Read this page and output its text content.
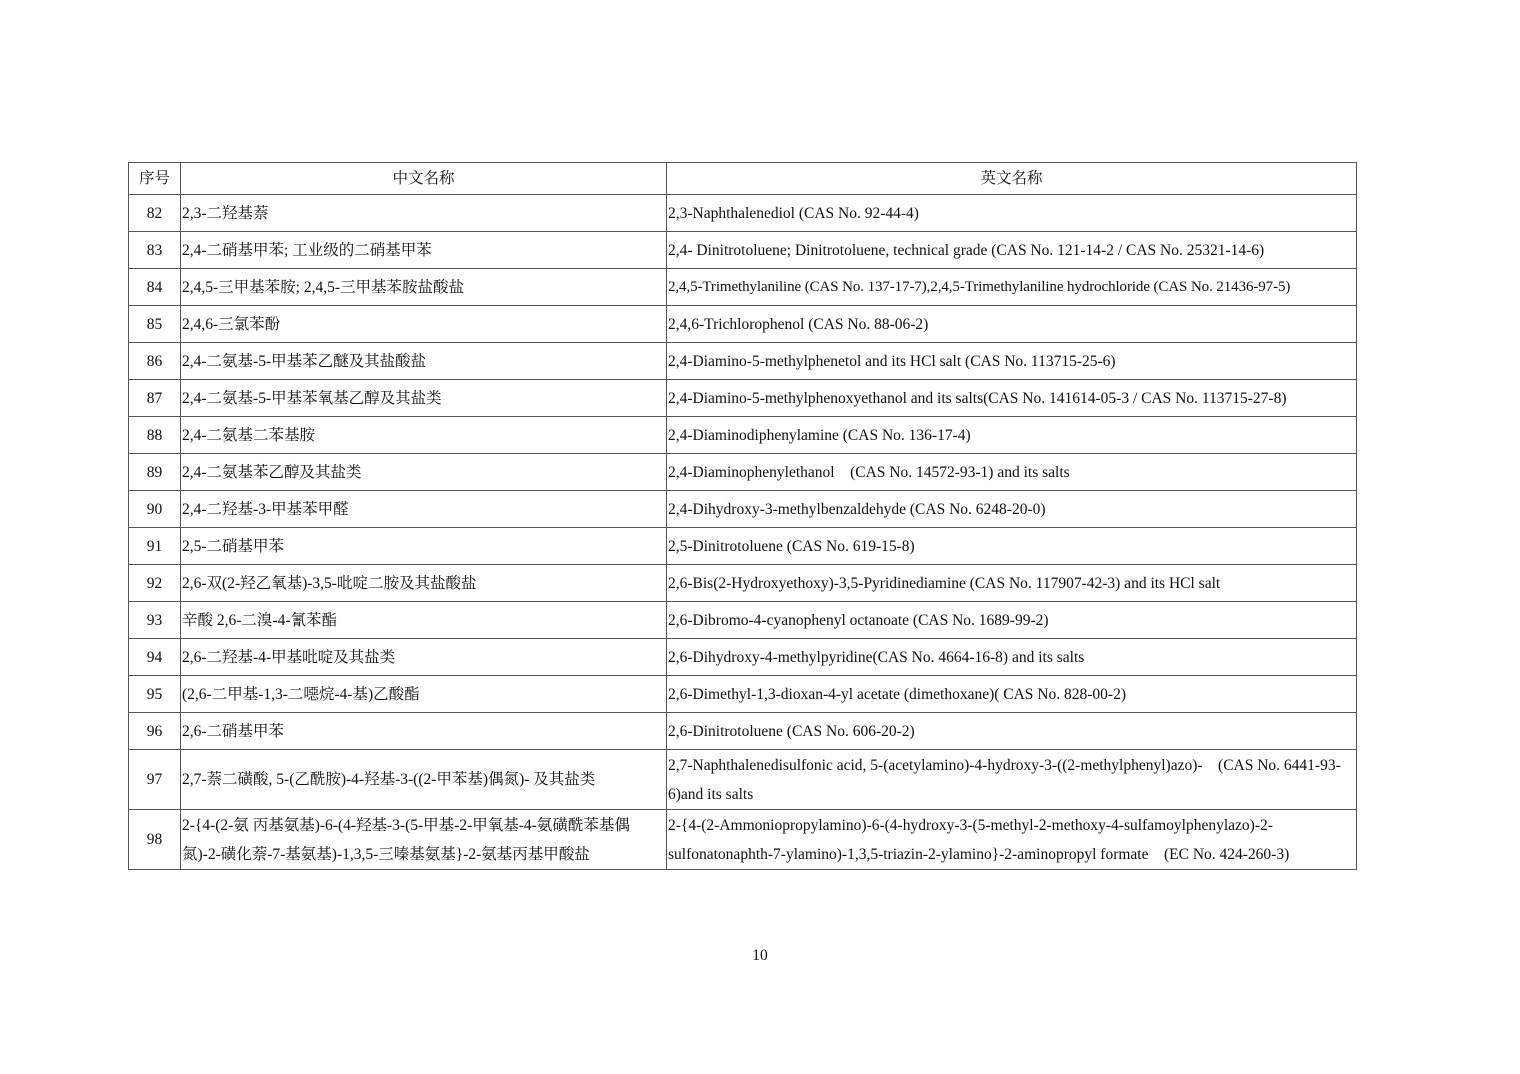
序号	中文名称	英文名称
82	2,3-二羟基萘	2,3-Naphthalenediol (CAS No. 92-44-4)
83	2,4-二硝基甲苯; 工业级的二硝基甲苯	2,4- Dinitrotoluene; Dinitrotoluene, technical grade (CAS No. 121-14-2 / CAS No. 25321-14-6)
84	2,4,5-三甲基苯胺; 2,4,5-三甲基苯胺盐酸盐	2,4,5-Trimethylaniline (CAS No. 137-17-7),2,4,5-Trimethylaniline hydrochloride (CAS No. 21436-97-5)
85	2,4,6-三氯苯酚	2,4,6-Trichlorophenol (CAS No. 88-06-2)
86	2,4-二氨基-5-甲基苯乙醚及其盐酸盐	2,4-Diamino-5-methylphenetol and its HCl salt (CAS No. 113715-25-6)
87	2,4-二氨基-5-甲基苯氧基乙醇及其盐类	2,4-Diamino-5-methylphenoxyethanol and its salts(CAS No. 141614-05-3 / CAS No. 113715-27-8)
88	2,4-二氨基二苯基胺	2,4-Diaminodiphenylamine (CAS No. 136-17-4)
89	2,4-二氨基苯乙醇及其盐类	2,4-Diaminophenylethanol　(CAS No. 14572-93-1) and its salts
90	2,4-二羟基-3-甲基苯甲醛	2,4-Dihydroxy-3-methylbenzaldehyde (CAS No. 6248-20-0)
91	2,5-二硝基甲苯	2,5-Dinitrotoluene (CAS No. 619-15-8)
92	2,6-双(2-羟乙氧基)-3,5-吡啶二胺及其盐酸盐	2,6-Bis(2-Hydroxyethoxy)-3,5-Pyridinediamine (CAS No. 117907-42-3) and its HCl salt
93	辛酸 2,6-二溴-4-氰苯酯	2,6-Dibromo-4-cyanophenyl octanoate (CAS No. 1689-99-2)
94	2,6-二羟基-4-甲基吡啶及其盐类	2,6-Dihydroxy-4-methylpyridine(CAS No. 4664-16-8) and its salts
95	(2,6-二甲基-1,3-二噁烷-4-基)乙酸酯	2,6-Dimethyl-1,3-dioxan-4-yl acetate (dimethoxane)( CAS No. 828-00-2)
96	2,6-二硝基甲苯	2,6-Dinitrotoluene (CAS No. 606-20-2)
97	2,7-萘二磺酸, 5-(乙酰胺)-4-羟基-3-((2-甲苯基)偶氮)- 及其盐类	2,7-Naphthalenedisulfonic acid, 5-(acetylamino)-4-hydroxy-3-((2-methylphenyl)azo)-　(CAS No. 6441-93-6)and its salts
98	2-{4-(2-氨 丙基氨基)-6-(4-羟基-3-(5-甲基-2-甲氧基-4-氨磺酰苯基偶氮)-2-磺化萘-7-基氨基)-1,3,5-三嗪基氨基}-2-氨基丙基甲酸盐	2-{4-(2-Ammoniopropylamino)-6-(4-hydroxy-3-(5-methyl-2-methoxy-4-sulfamoylphenylazo)-2-sulfonatonaphth-7-ylamino)-1,3,5-triazin-2-ylamino}-2-aminopropyl formate　(EC No. 424-260-3)
10
